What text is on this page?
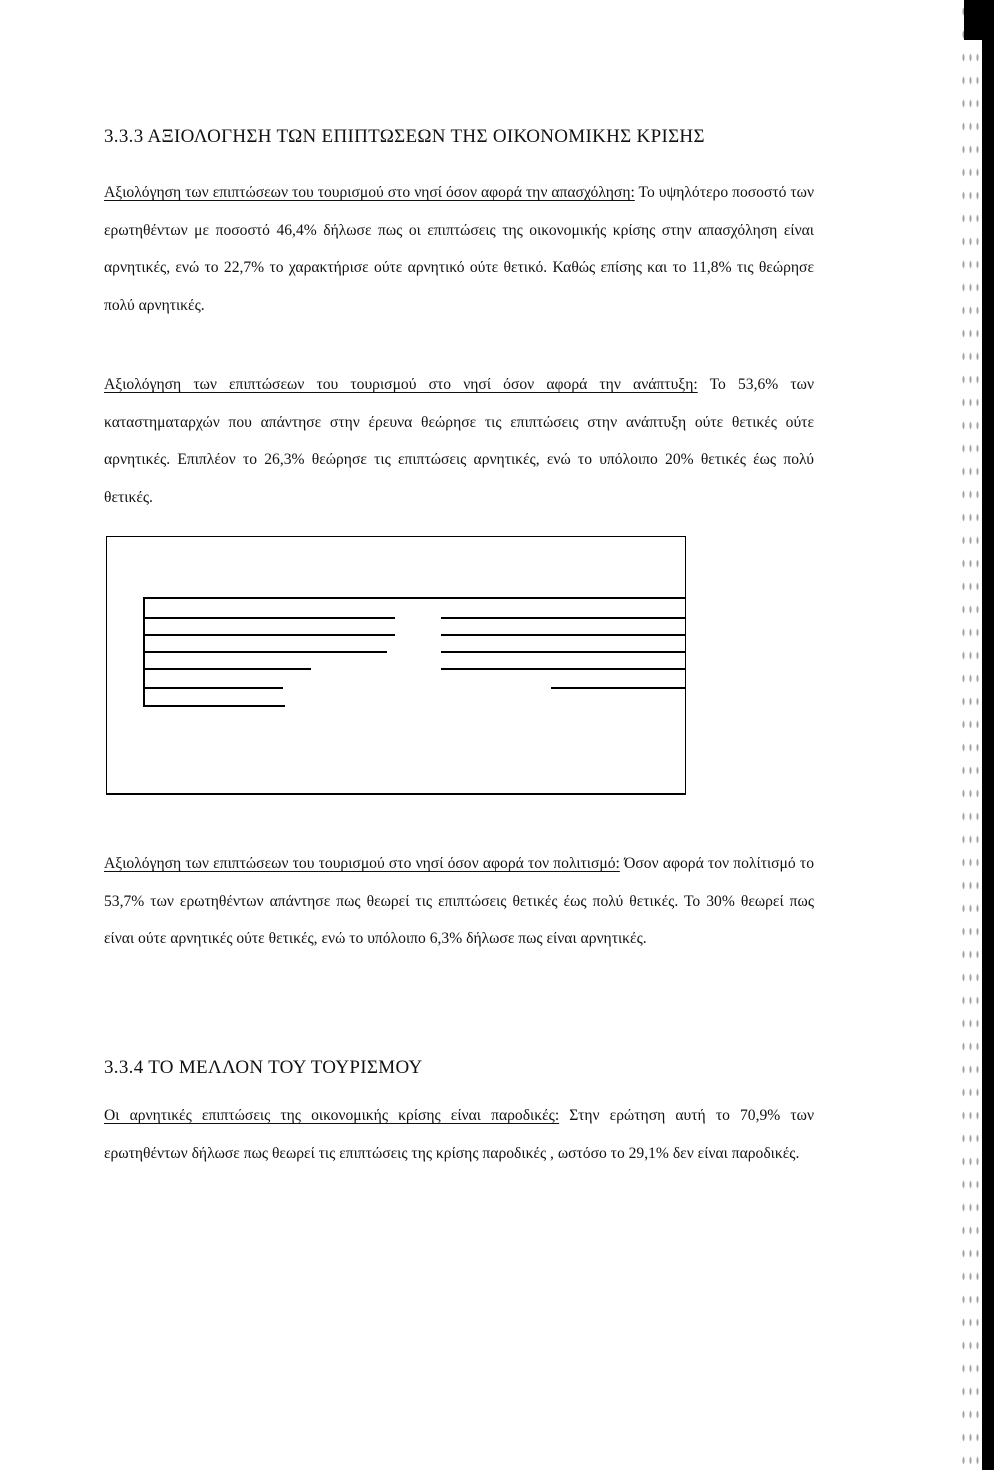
3.3.3 ΑΞΙΟΛΟΓΗΣΗ ΤΩΝ ΕΠΙΠΤΩΣΕΩΝ ΤΗΣ ΟΙΚΟΝΟΜΙΚΗΣ ΚΡΙΣΗΣ

Αξιολόγηση των επιπτώσεων του τουρισμού στο νησί όσον αφορά την απασχόληση: Το υψηλότερο ποσοστό των ερωτηθέντων με ποσοστό 46,4% δήλωσε πως οι επιπτώσεις της οικονομικής κρίσης στην απασχόληση είναι αρνητικές, ενώ το 22,7% το χαρακτήρισε ούτε αρνητικό ούτε θετικό. Καθώς επίσης και το 11,8% τις θεώρησε πολύ αρνητικές.

Αξιολόγηση των επιπτώσεων του τουρισμού στο νησί όσον αφορά την ανάπτυξη: Το 53,6% των καταστηματαρχών που απάντησε στην έρευνα θεώρησε τις επιπτώσεις στην ανάπτυξη ούτε θετικές ούτε αρνητικές. Επιπλέον το 26,3% θεώρησε τις επιπτώσεις αρνητικές, ενώ το υπόλοιπο 20% θετικές έως πολύ θετικές.

Αξιολόγηση των επιπτώσεων του τουρισμού στο νησί όσον αφορά τον πολιτισμό: Όσον αφορά τον πολίτισμό το 53,7% των ερωτηθέντων απάντησε πως θεωρεί τις επιπτώσεις θετικές έως πολύ θετικές. Το 30% θεωρεί πως είναι ούτε αρνητικές ούτε θετικές, ενώ το υπόλοιπο 6,3% δήλωσε πως είναι αρνητικές.

3.3.4 ΤΟ ΜΕΛΛΟΝ ΤΟΥ ΤΟΥΡΙΣΜΟΥ

Οι αρνητικές επιπτώσεις της οικονομικής κρίσης είναι παροδικές: Στην ερώτηση αυτή το 70,9% των ερωτηθέντων δήλωσε πως θεωρεί τις επιπτώσεις της κρίσης παροδικές , ωστόσο το 29,1% δεν είναι παροδικές.
